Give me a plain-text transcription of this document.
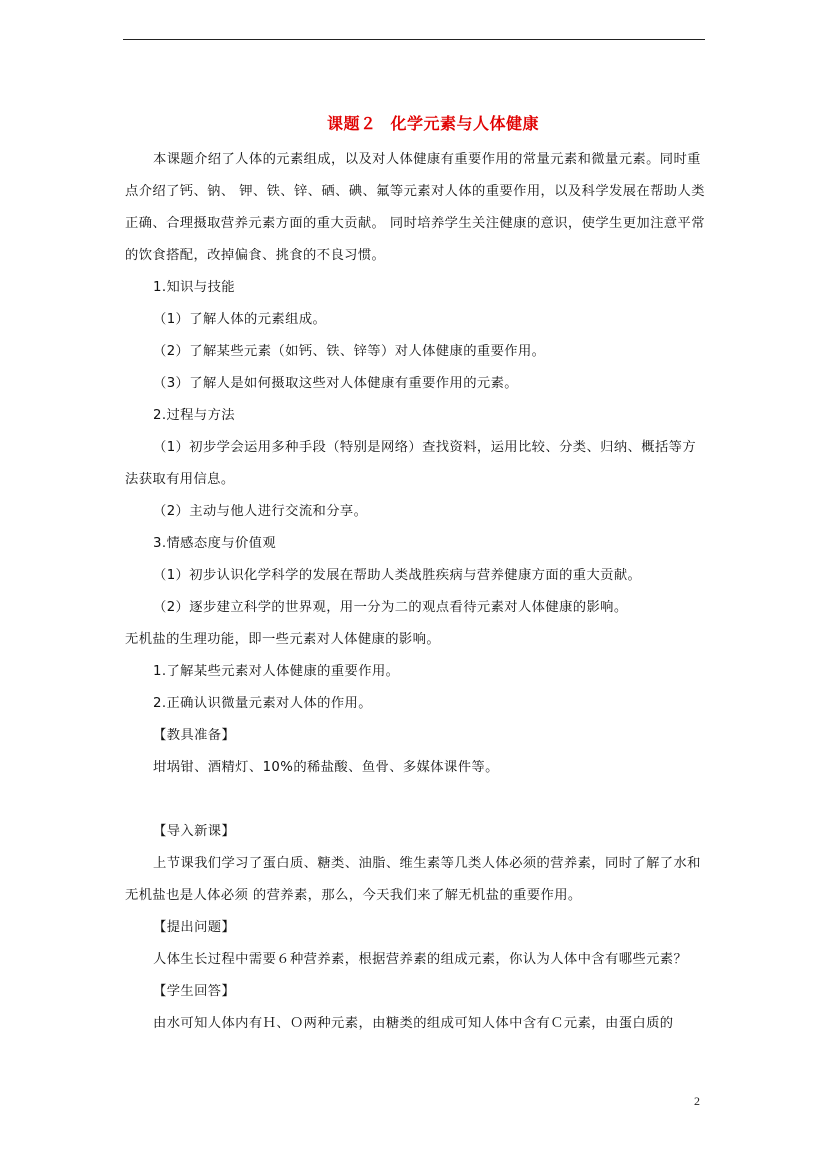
课题２ 化学元素与人体健康

本课题介绍了人体的元素组成，以及对人体健康有重要作用的常量元素和微量元素。同时重点介绍了钙、钠、 钾、铁、锌、硒、碘、氟等元素对人体的重要作用，以及科学发展在帮助人类正确、合理摄取营养元素方面的重大贡献。 同时培养学生关注健康的意识，使学生更加注意平常的饮食搭配，改掉偏食、挑食的不良习惯。

1.知识与技能

（1）了解人体的元素组成。

（2）了解某些元素（如钙、铁、锌等）对人体健康的重要作用。

（3）了解人是如何摄取这些对人体健康有重要作用的元素。

2.过程与方法

（1）初步学会运用多种手段（特别是网络）查找资料，运用比较、分类、归纳、概括等方法获取有用信息。

（2）主动与他人进行交流和分享。

3.情感态度与价值观

（1）初步认识化学科学的发展在帮助人类战胜疾病与营养健康方面的重大贡献。

（2）逐步建立科学的世界观，用一分为二的观点看待元素对人体健康的影响。

无机盐的生理功能，即一些元素对人体健康的影响。

1.了解某些元素对人体健康的重要作用。

2.正确认识微量元素对人体的作用。

【教具准备】

坩埚钳、酒精灯、10%的稀盐酸、鱼骨、多媒体课件等。

【导入新课】

上节课我们学习了蛋白质、糖类、油脂、维生素等几类人体必须的营养素，同时了解了水和无机盐也是人体必须 的营养素，那么，今天我们来了解无机盐的重要作用。

【提出问题】

人体生长过程中需要６种营养素，根据营养素的组成元素，你认为人体中含有哪些元素？

【学生回答】

由水可知人体内有Ｈ、Ｏ两种元素，由糖类的组成可知人体中含有Ｃ元素，由蛋白质的

2
